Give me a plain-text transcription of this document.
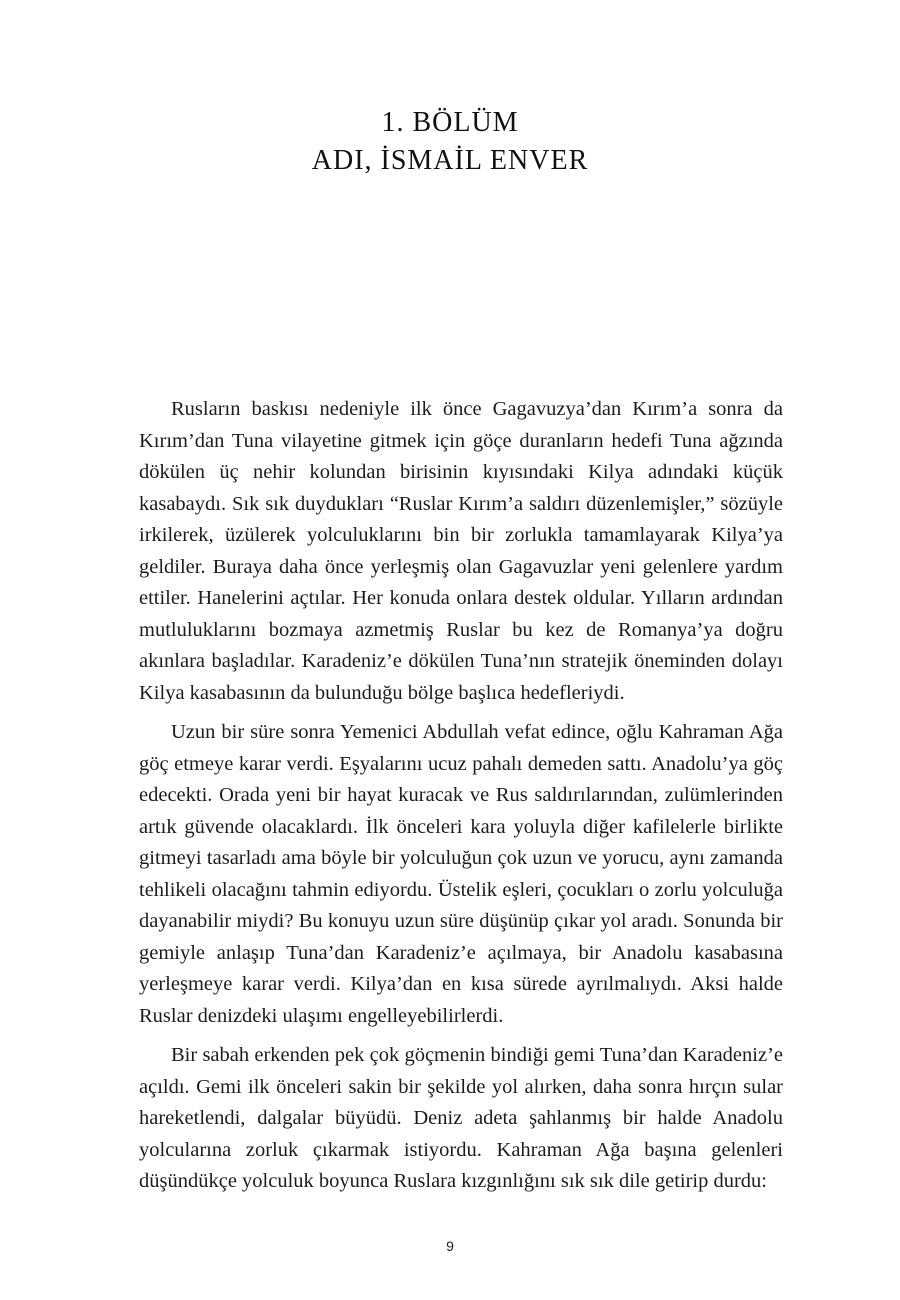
1. BÖLÜM
ADI, İSMAİL ENVER

Rusların baskısı nedeniyle ilk önce Gagavuzya’dan Kırım’a sonra da Kırım’dan Tuna vilayetine gitmek için göçe duranların hedefi Tuna ağzında dökülen üç nehir kolundan birisinin kıyısındaki Kilya adındaki küçük kasabaydı. Sık sık duydukları “Ruslar Kırım’a saldırı düzenlemişler,” sözüyle irkilerek, üzülerek yolculuklarını bin bir zorlukla tamamlayarak Kilya’ya geldiler. Buraya daha önce yerleşmiş olan Gagavuzlar yeni gelenlere yardım ettiler. Hanelerini açtılar. Her konuda onlara destek oldular. Yılların ardından mutluluklarını bozmaya azmetmiş Ruslar bu kez de Romanya’ya doğru akınlara başladılar. Karadeniz’e dökülen Tuna’nın stratejik öneminden dolayı Kilya kasabasının da bulunduğu bölge başlıca hedefleriydi.

Uzun bir süre sonra Yemenici Abdullah vefat edince, oğlu Kahraman Ağa göç etmeye karar verdi. Eşyalarını ucuz pahalı demeden sattı. Anadolu’ya göç edecekti. Orada yeni bir hayat kuracak ve Rus saldırılarından, zulümlerinden artık güvende olacaklardı. İlk önceleri kara yoluyla diğer kafilelerle birlikte gitmeyi tasarladı ama böyle bir yolculuğun çok uzun ve yorucu, aynı zamanda tehlikeli olacağını tahmin ediyordu. Üstelik eşleri, çocukları o zorlu yolculuğa dayanabilir miydi? Bu konuyu uzun süre düşünüp çıkar yol aradı. Sonunda bir gemiyle anlaşıp Tuna’dan Karadeniz’e açılmaya, bir Anadolu kasabasına yerleşmeye karar verdi. Kilya’dan en kısa sürede ayrılmalıydı. Aksi halde Ruslar denizdeki ulaşımı engelleyebilirlerdi.

Bir sabah erkenden pek çok göçmenin bindiği gemi Tuna’dan Karadeniz’e açıldı. Gemi ilk önceleri sakin bir şekilde yol alırken, daha sonra hırçın sular hareketlendi, dalgalar büyüdü. Deniz adeta şahlanmış bir halde Anadolu yolcularına zorluk çıkarmak istiyordu. Kahraman Ağa başına gelenleri düşündükçe yolculuk boyunca Ruslara kızgınlığını sık sık dile getirip durdu:

9
